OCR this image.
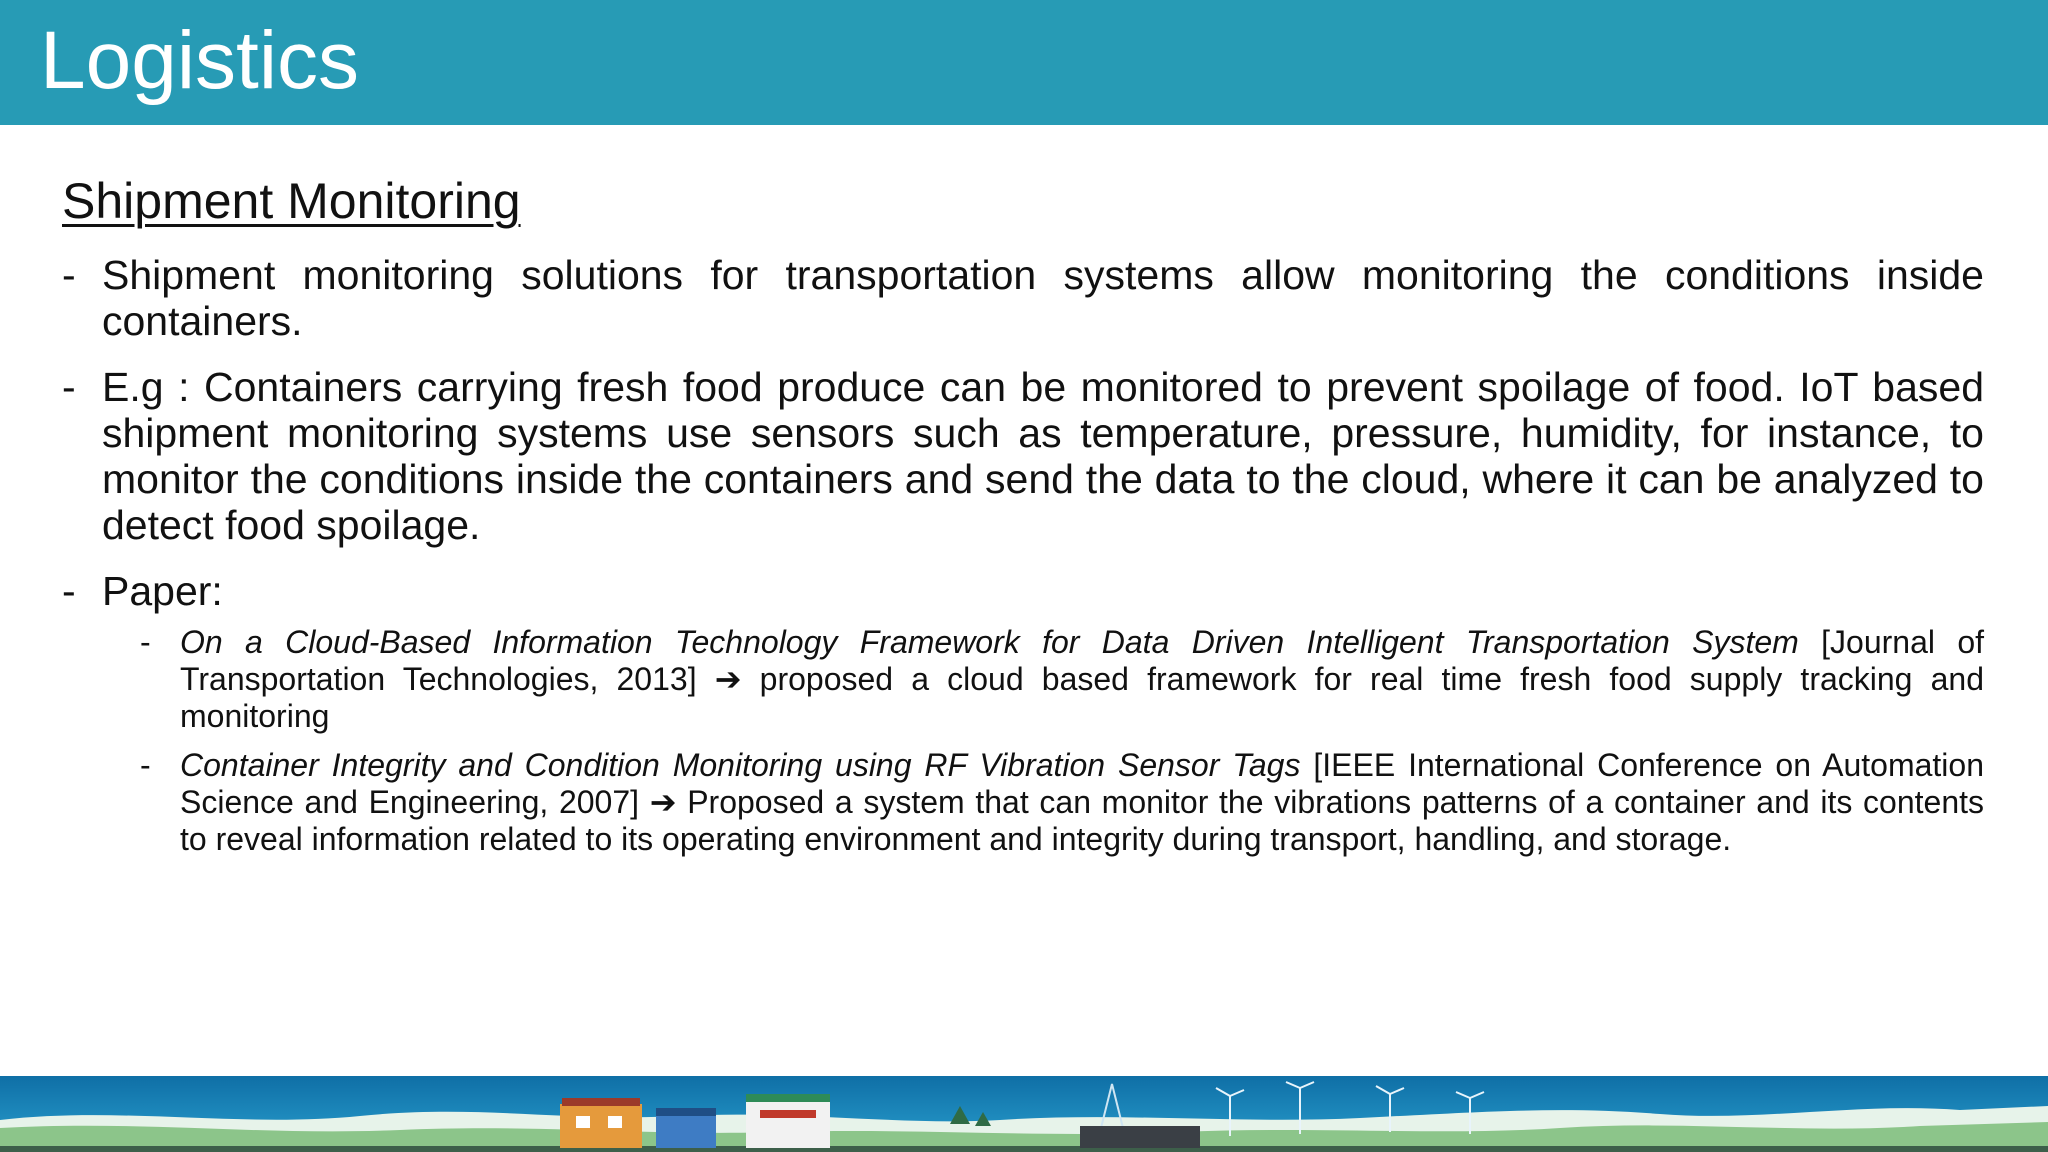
Logistics
Shipment Monitoring
- Shipment monitoring solutions for transportation systems allow monitoring the conditions inside containers.
- E.g : Containers carrying fresh food produce can be monitored to prevent spoilage of food. IoT based shipment monitoring systems use sensors such as temperature, pressure, humidity, for instance, to monitor the conditions inside the containers and send the data to the cloud, where it can be analyzed to detect food spoilage.
- Paper:
- On a Cloud-Based Information Technology Framework for Data Driven Intelligent Transportation System [Journal of Transportation Technologies, 2013] ➔ proposed a cloud based framework for real time fresh food supply tracking and monitoring
- Container Integrity and Condition Monitoring using RF Vibration Sensor Tags [IEEE International Conference on Automation Science and Engineering, 2007] ➔ Proposed a system that can monitor the vibrations patterns of a container and its contents to reveal information related to its operating environment and integrity during transport, handling, and storage.
